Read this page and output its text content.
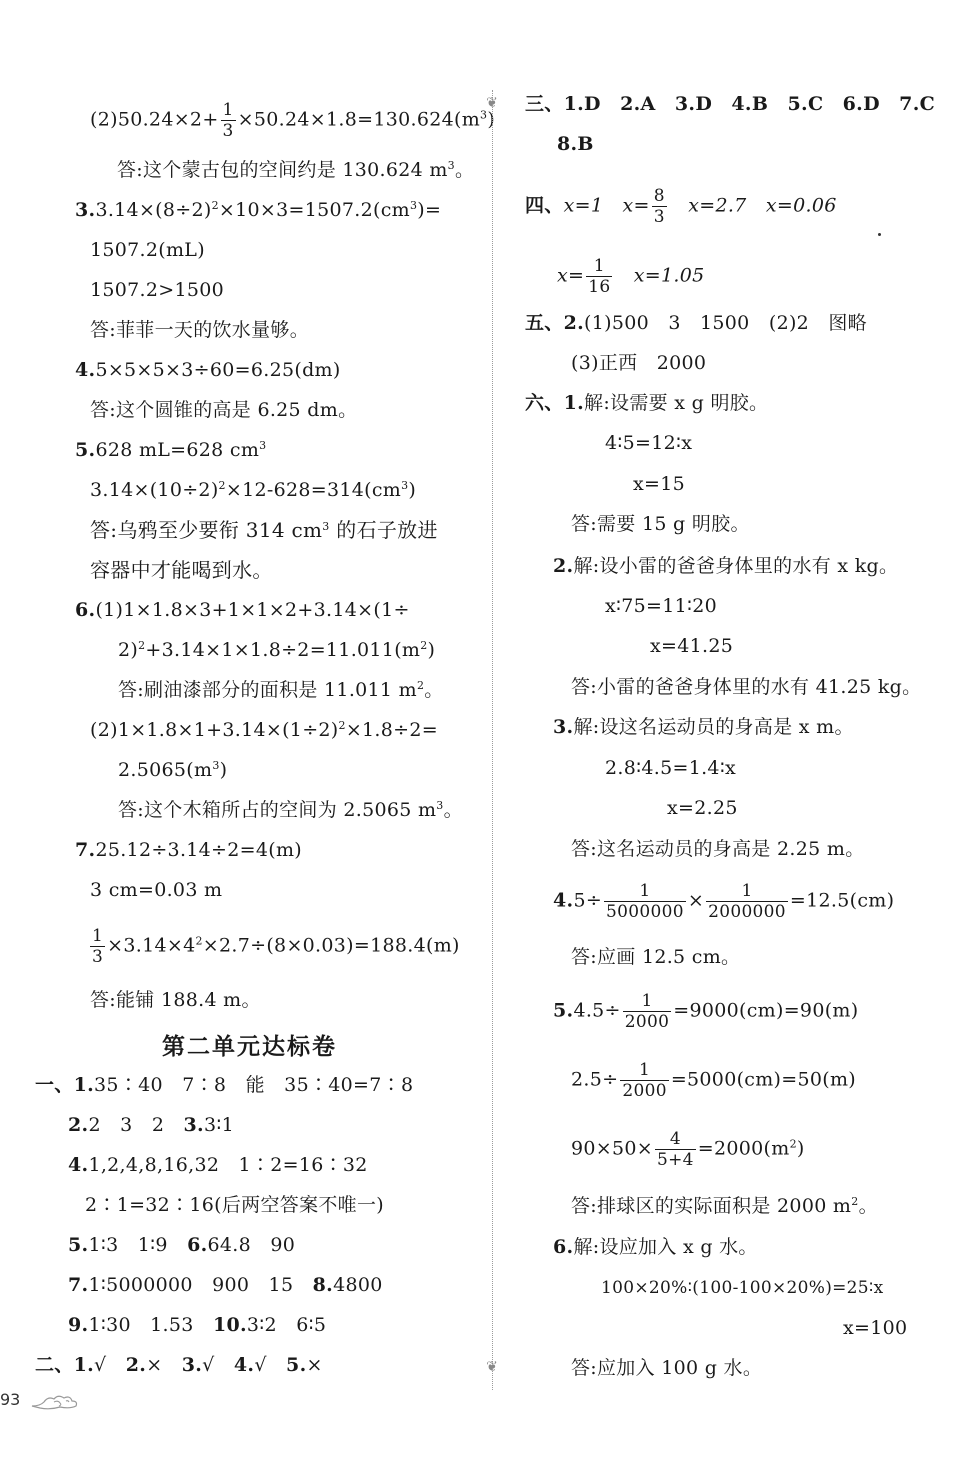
$(2)50.24\times 2+ \frac{1}{3} \times 50.24\times 1.8=130.624(m^3)$
答:这个蒙古包的空间约是 130.624 $m^3$。
$3.3.14\times(8\div 2)^2\times 10\times 3=1507.2(cm^3)=$
1507.2(mL)
1507.2>1500
答:菲菲一天的饮水量够。
4.5×5×5×3÷60=6.25(dm)
答:这个圆锥的高是 6.25 dm。
5.628 mL=628 $cm^3$
$3.14\times(10\div 2)^2\times 12-628=314(cm^3)$
答:乌鸦至少要衔 314 $cm^3$ 的石子放进
容器中才能喝到水。
6.(1)1×1.8×3+1×1×2+3.14×(1÷
$2)^2+3.14\times 1\times 1.8\div 2=11.011(m^2)$
答:刷油漆部分的面积是 11.011 $m^2$。
$(2)1\times 1.8\times 1+3.14\times(1\div 2)^2\times 1.8\div 2=$
$2.5065(m^3)$
答:这个木箱所占的空间为 2.5065 $m^3$。
7.25.12÷3.14÷2=4(m)
3 cm=0.03 m
$\frac{1}{3} \times 3.14\times 4^2\times 2.7\div(8\times 0.03)=188.4(m)$
答:能铺 188.4 m。
第二单元达标卷
一、1.35∶40　7∶8　能　35∶40=7∶8
2.2　3　2　3.3∶1
4.1,2,4,8,16,32　1∶2=16∶32
2∶1=32∶16(后两空答案不唯一)
5.1∶3　1∶9　6.64.8　90
7.1∶5000000　900　15　8.4800
9.1∶30　1.53　10.3∶2　6∶5
二、1.√　2.×　3.√　4.√　5.×
❦
❦
三、1.D　2.A　3.D　4.B　5.C　6.D　7.C
8.B
四、x=1　$x= \frac{8}{3}$ 　x=2.7　x=0.06
$x= \frac{1}{16}$ 　x=1.05
五、2.(1)500　3　1500　(2)2　图略
(3)正西　2000
六、1.解:设需要 x g 明胶。
4∶5=12∶x
x=15
答:需要 15 g 明胶。
2.解:设小雷的爸爸身体里的水有 x kg。
x∶75=11∶20
x=41.25
答:小雷的爸爸身体里的水有 41.25 kg。
3.解:设这名运动员的身高是 x m。
2.8∶4.5=1.4∶x
x=2.25
答:这名运动员的身高是 2.25 m。
$4.5\div \frac{1}{5000000} \times \frac{1}{2000000} =12.5(cm)$
答:应画 12.5 cm。
$5.4.5\div \frac{1}{2000} =9000(cm)=90(m)$
$2.5\div \frac{1}{2000} =5000(cm)=50(m)$
$90\times 50\times \frac{4}{5+4} =2000(m^2)$
答:排球区的实际面积是 2000 $m^2$。
6.解:设应加入 x g 水。
100×20%∶(100-100×20%)=25∶x
x=100
答:应加入 100 g 水。
93
